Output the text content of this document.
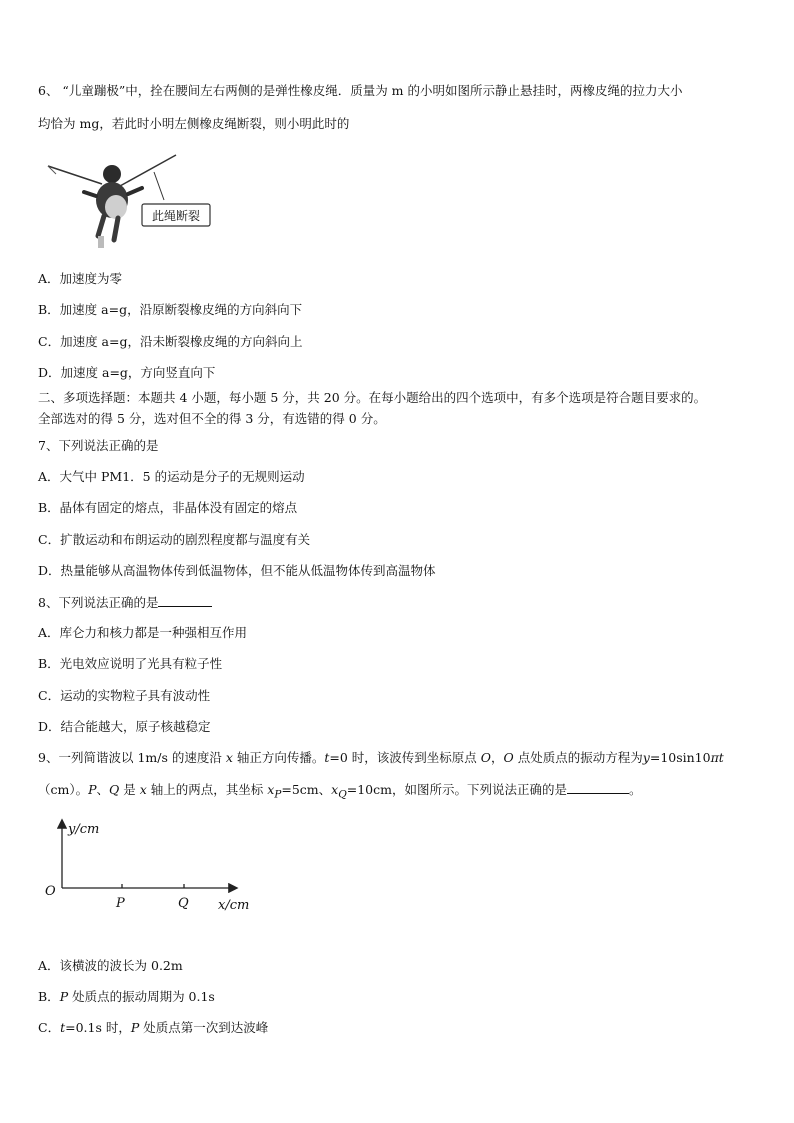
6、 “儿童蹦极”中，拴在腰间左右两侧的是弹性橡皮绳．质量为 m 的小明如图所示静止悬挂时，两橡皮绳的拉力大小
均恰为 mg，若此时小明左侧橡皮绳断裂，则小明此时的
此绳断裂
A．加速度为零
B．加速度 a=g，沿原断裂橡皮绳的方向斜向下
C．加速度 a=g，沿未断裂橡皮绳的方向斜向上
D．加速度 a=g，方向竖直向下
二、多项选择题：本题共 4 小题，每小题 5 分，共 20 分。在每小题给出的四个选项中，有多个选项是符合题目要求的。
全部选对的得 5 分，选对但不全的得 3 分，有选错的得 0 分。
7、下列说法正确的是
A．大气中 PM1．5 的运动是分子的无规则运动
B．晶体有固定的熔点，非晶体没有固定的熔点
C．扩散运动和布朗运动的剧烈程度都与温度有关
D．热量能够从高温物体传到低温物体，但不能从低温物体传到高温物体
8、下列说法正确的是
A．库仑力和核力都是一种强相互作用
B．光电效应说明了光具有粒子性
C．运动的实物粒子具有波动性
D．结合能越大，原子核越稳定
9、一列简谐波以 1m/s 的速度沿 x 轴正方向传播。t=0 时，该波传到坐标原点 O，O 点处质点的振动方程为y=10sin10πt
（cm）。P、Q 是 x 轴上的两点，其坐标 $x_P=5cm$、$x_Q=10cm$，如图所示。下列说法正确的是	。
y/cm
x/cm
O
P	Q
A．该横波的波长为 0.2m
B．P 处质点的振动周期为 0.1s
C．t=0.1s 时，P 处质点第一次到达波峰
